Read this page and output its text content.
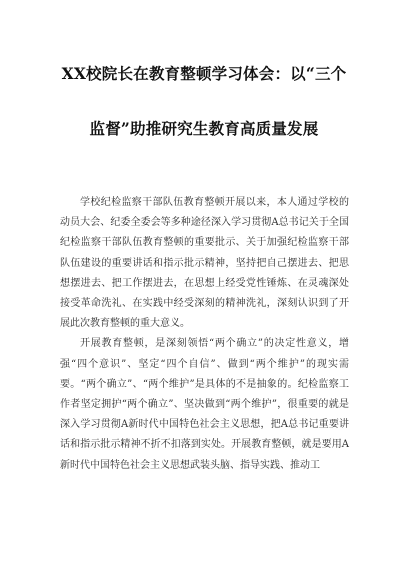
XX校院长在教育整顿学习体会：以“三个
监督”助推研究生教育高质量发展

学校纪检监察干部队伍教育整顿开展以来，本人通过学校的动员大会、纪委全委会等多种途径深入学习贯彻A总书记关于全国纪检监察干部队伍教育整顿的重要批示、关于加强纪检监察干部队伍建设的重要讲话和指示批示精神，坚持把自己摆进去、把思想摆进去、把工作摆进去，在思想上经受党性锤炼、在灵魂深处接受革命洗礼、在实践中经受深刻的精神洗礼，深刻认识到了开展此次教育整顿的重大意义。

开展教育整顿，是深刻领悟“两个确立”的决定性意义，增强“四个意识”、坚定“四个自信”、做到“两个维护”的现实需要。“两个确立”、“两个维护”是具体的不是抽象的。纪检监察工作者坚定拥护“两个确立”、坚决做到“两个维护”，很重要的就是深入学习贯彻A新时代中国特色社会主义思想，把A总书记重要讲话和指示批示精神不折不扣落到实处。开展教育整顿，就是要用A新时代中国特色社会主义思想武装头脑、指导实践、推动工
